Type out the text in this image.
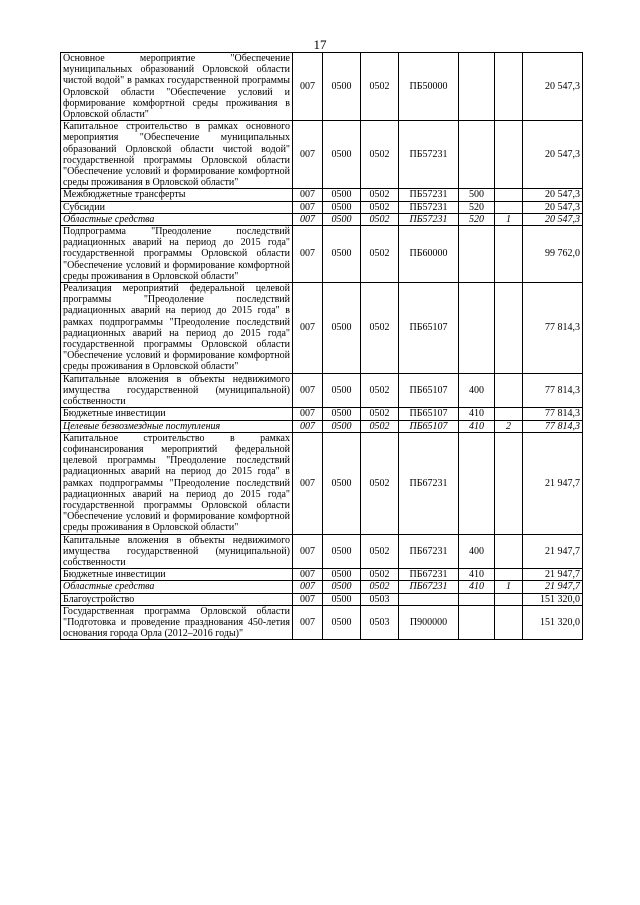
17
Основное мероприятие "Обеспечение муниципальных образований Орловской области чистой водой" в рамках государственной программы Орловской области "Обеспечение условий и формирование комфортной среды проживания в Орловской области"	007	0500	0502	ПБ50000			20 547,3
Капитальное строительство в рамках основного мероприятия "Обеспечение муниципальных образований Орловской области чистой водой" государственной программы Орловской области "Обеспечение условий и формирование комфортной среды проживания в Орловской области"	007	0500	0502	ПБ57231			20 547,3
Межбюджетные трансферты	007	0500	0502	ПБ57231	500		20 547,3
Субсидии	007	0500	0502	ПБ57231	520		20 547,3
Областные средства	007	0500	0502	ПБ57231	520	1	20 547,3
Подпрограмма "Преодоление последствий радиационных аварий на период до 2015 года" государственной программы Орловской области "Обеспечение условий и формирование комфортной среды проживания в Орловской области"	007	0500	0502	ПБ60000			99 762,0
Реализация мероприятий федеральной целевой программы "Преодоление последствий радиационных аварий на период до 2015 года" в рамках подпрограммы "Преодоление последствий радиационных аварий на период до 2015 года" государственной программы Орловской области "Обеспечение условий и формирование комфортной среды проживания в Орловской области"	007	0500	0502	ПБ65107			77 814,3
Капитальные вложения в объекты недвижимого имущества государственной (муниципальной) собственности	007	0500	0502	ПБ65107	400		77 814,3
Бюджетные инвестиции	007	0500	0502	ПБ65107	410		77 814,3
Целевые безвозмездные поступления	007	0500	0502	ПБ65107	410	2	77 814,3
Капитальное строительство в рамках софинансирования мероприятий федеральной целевой программы "Преодоление последствий радиационных аварий на период до 2015 года" в рамках подпрограммы "Преодоление последствий радиационных аварий на период до 2015 года" государственной программы Орловской области "Обеспечение условий и формирование комфортной среды проживания в Орловской области"	007	0500	0502	ПБ67231			21 947,7
Капитальные вложения в объекты недвижимого имущества государственной (муниципальной) собственности	007	0500	0502	ПБ67231	400		21 947,7
Бюджетные инвестиции	007	0500	0502	ПБ67231	410		21 947,7
Областные средства	007	0500	0502	ПБ67231	410	1	21 947,7
Благоустройство	007	0500	0503				151 320,0
Государственная программа Орловской области "Подготовка и проведение празднования 450-летия основания города Орла (2012–2016 годы)"	007	0500	0503	П900000			151 320,0
